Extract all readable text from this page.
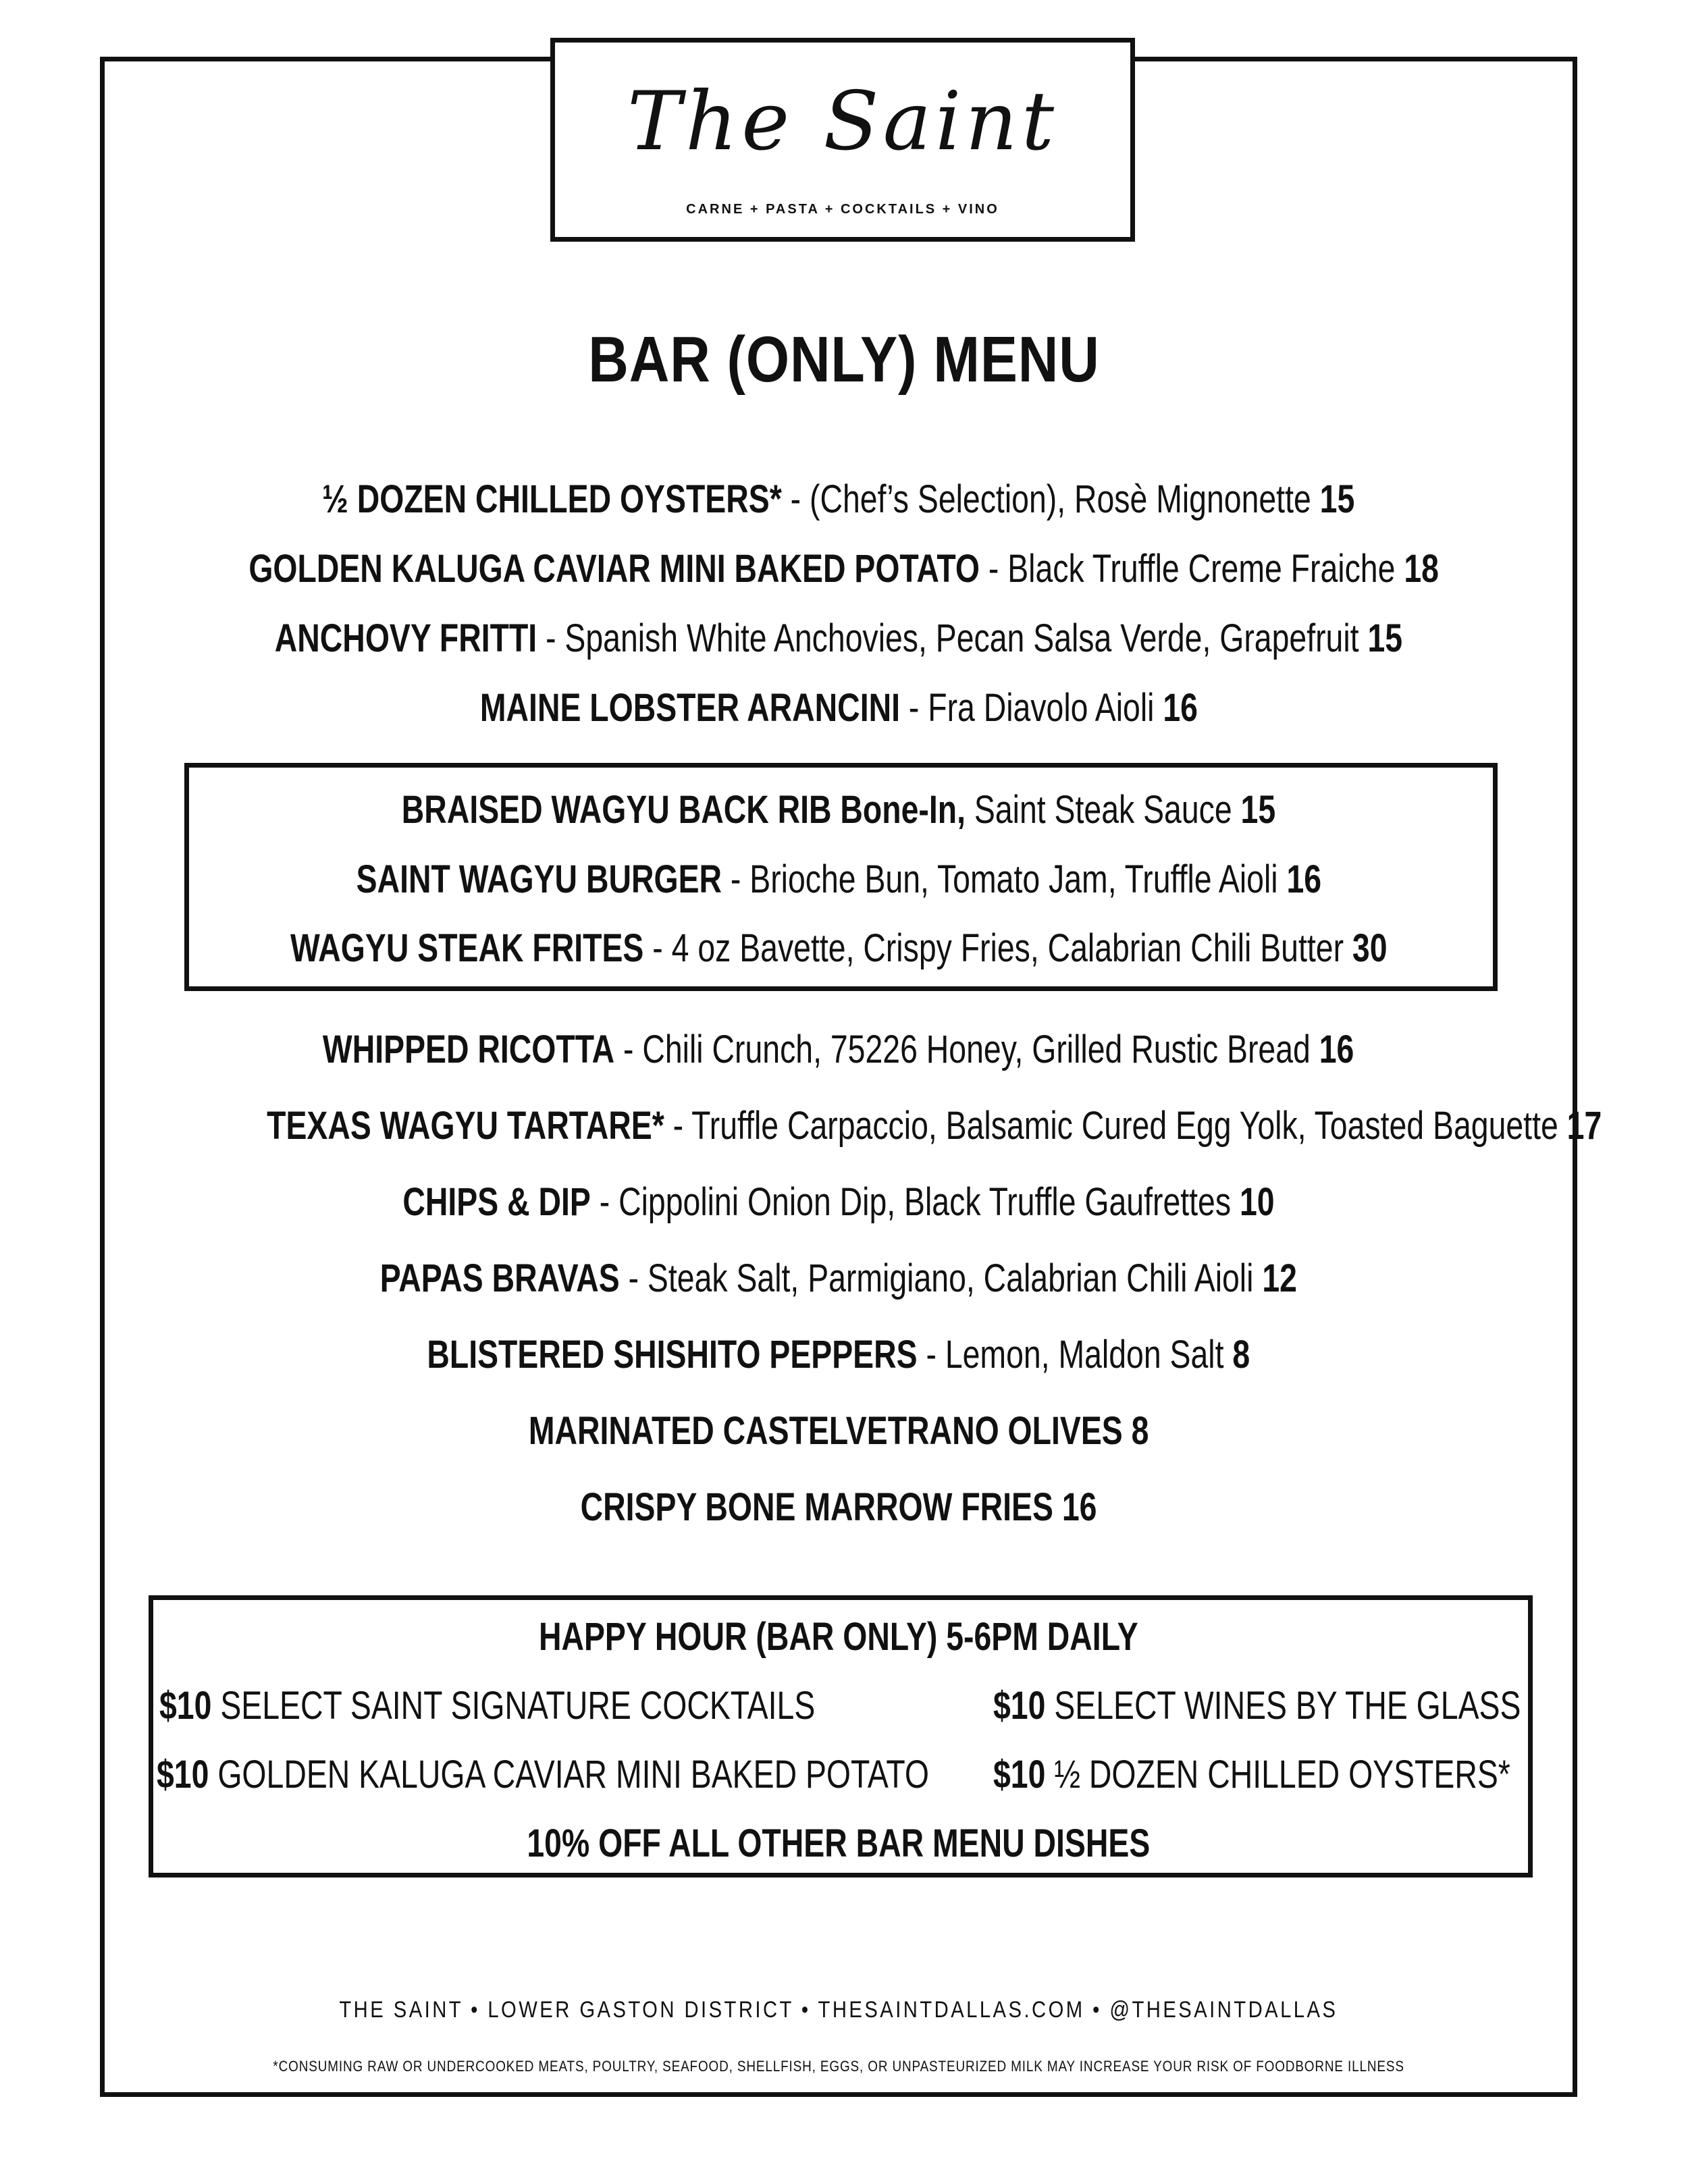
The Saint
CARNE + PASTA + COCKTAILS + VINO
BAR (ONLY) MENU
½ DOZEN CHILLED OYSTERS* - (Chef’s Selection), Rosè Mignonette 15
GOLDEN KALUGA CAVIAR MINI BAKED POTATO - Black Truffle Creme Fraiche 18
ANCHOVY FRITTI - Spanish White Anchovies, Pecan Salsa Verde, Grapefruit 15
MAINE LOBSTER ARANCINI - Fra Diavolo Aioli 16
BRAISED WAGYU BACK RIB Bone-In, Saint Steak Sauce 15
SAINT WAGYU BURGER - Brioche Bun, Tomato Jam, Truffle Aioli 16
WAGYU STEAK FRITES - 4 oz Bavette, Crispy Fries, Calabrian Chili Butter 30
WHIPPED RICOTTA - Chili Crunch, 75226 Honey, Grilled Rustic Bread 16
TEXAS WAGYU TARTARE* - Truffle Carpaccio, Balsamic Cured Egg Yolk, Toasted Baguette 17
CHIPS & DIP - Cippolini Onion Dip, Black Truffle Gaufrettes 10
PAPAS BRAVAS - Steak Salt, Parmigiano, Calabrian Chili Aioli 12
BLISTERED SHISHITO PEPPERS - Lemon, Maldon Salt 8
MARINATED CASTELVETRANO OLIVES 8
CRISPY BONE MARROW FRIES 16
HAPPY HOUR (BAR ONLY) 5-6PM DAILY
$10 SELECT SAINT SIGNATURE COCKTAILS	$10 SELECT WINES BY THE GLASS
$10 GOLDEN KALUGA CAVIAR MINI BAKED POTATO	$10 ½ DOZEN CHILLED OYSTERS*
10% OFF ALL OTHER BAR MENU DISHES
THE SAINT • LOWER GASTON DISTRICT • THESAINTDALLAS.COM • @THESAINTDALLAS
*CONSUMING RAW OR UNDERCOOKED MEATS, POULTRY, SEAFOOD, SHELLFISH, EGGS, OR UNPASTEURIZED MILK MAY INCREASE YOUR RISK OF FOODBORNE ILLNESS
